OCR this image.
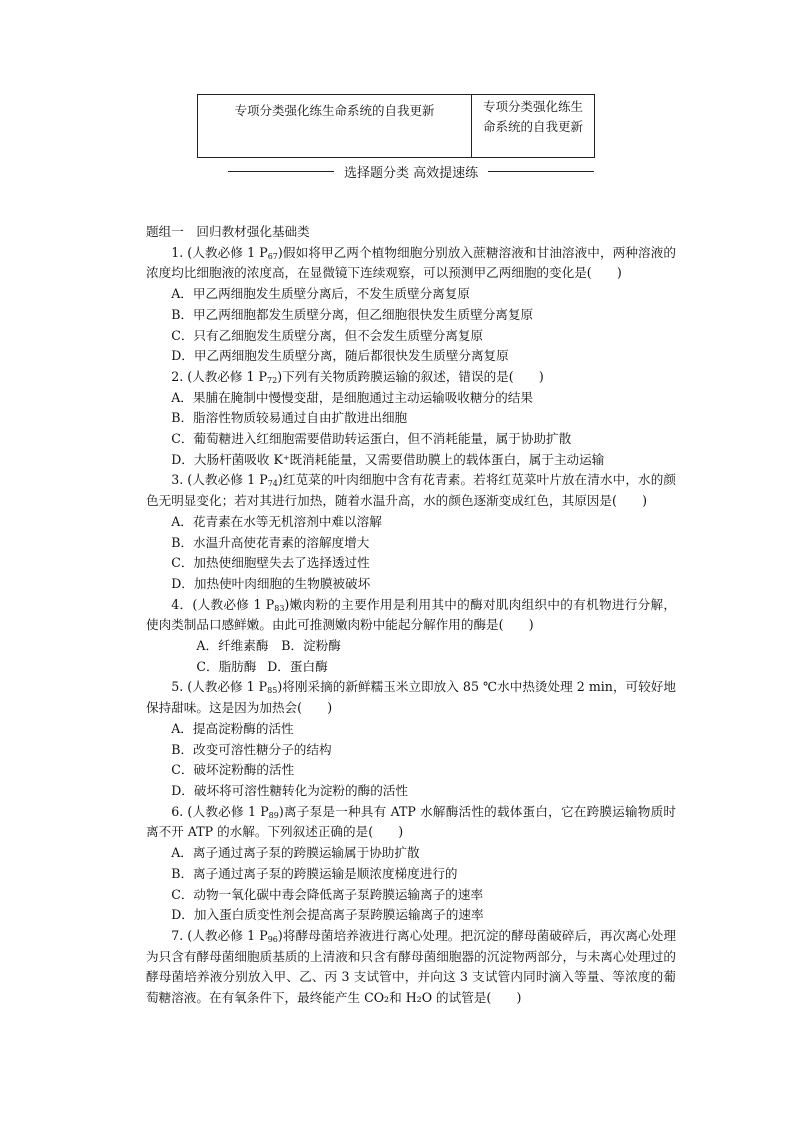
专项分类强化练生命系统的自我更新	专项分类强化练生命系统的自我更新
选择题分类 高效提速练

题组一　回归教材强化基础类

1. (人教必修 1 $P_{67}$)假如将甲乙两个植物细胞分别放入蔗糖溶液和甘油溶液中，两种溶液的浓度均比细胞液的浓度高，在显微镜下连续观察，可以预测甲乙两细胞的变化是(　　)

A．甲乙两细胞发生质壁分离后，不发生质壁分离复原

B．甲乙两细胞都发生质壁分离，但乙细胞很快发生质壁分离复原

C．只有乙细胞发生质壁分离，但不会发生质壁分离复原

D．甲乙两细胞发生质壁分离，随后都很快发生质壁分离复原

2. (人教必修 1 $P_{72}$)下列有关物质跨膜运输的叙述，错误的是(　　)

A．果脯在腌制中慢慢变甜，是细胞通过主动运输吸收糖分的结果

B．脂溶性物质较易通过自由扩散进出细胞

C．葡萄糖进入红细胞需要借助转运蛋白，但不消耗能量，属于协助扩散

D．大肠杆菌吸收 K⁺既消耗能量，又需要借助膜上的载体蛋白，属于主动运输

3. (人教必修 1 $P_{74}$)红苋菜的叶肉细胞中含有花青素。若将红苋菜叶片放在清水中，水的颜色无明显变化；若对其进行加热，随着水温升高，水的颜色逐渐变成红色，其原因是(　　)

A．花青素在水等无机溶剂中难以溶解

B．水温升高使花青素的溶解度增大

C．加热使细胞壁失去了选择透过性

D．加热使叶肉细胞的生物膜被破坏

4．(人教必修 1 $P_{83}$)嫩肉粉的主要作用是利用其中的酶对肌肉组织中的有机物进行分解，使肉类制品口感鲜嫩。由此可推测嫩肉粉中能起分解作用的酶是(　　)

A．纤维素酶 B．淀粉酶

C．脂肪酶 D．蛋白酶

5. (人教必修 1 $P_{85}$)将刚采摘的新鲜糯玉米立即放入 85 ℃水中热烫处理 2 min，可较好地保持甜味。这是因为加热会(　　)

A．提高淀粉酶的活性

B．改变可溶性糖分子的结构

C．破坏淀粉酶的活性

D．破坏将可溶性糖转化为淀粉的酶的活性

6. (人教必修 1 $P_{89}$)离子泵是一种具有 ATP 水解酶活性的载体蛋白，它在跨膜运输物质时离不开 ATP 的水解。下列叙述正确的是(　　)

A．离子通过离子泵的跨膜运输属于协助扩散

B．离子通过离子泵的跨膜运输是顺浓度梯度进行的

C．动物一氧化碳中毒会降低离子泵跨膜运输离子的速率

D．加入蛋白质变性剂会提高离子泵跨膜运输离子的速率

7. (人教必修 1 $P_{96}$)将酵母菌培养液进行离心处理。把沉淀的酵母菌破碎后，再次离心处理为只含有酵母菌细胞质基质的上清液和只含有酵母菌细胞器的沉淀物两部分，与未离心处理过的酵母菌培养液分别放入甲、乙、丙 3 支试管中，并向这 3 支试管内同时滴入等量、等浓度的葡萄糖溶液。在有氧条件下，最终能产生 CO₂和 H₂O 的试管是(　　)
